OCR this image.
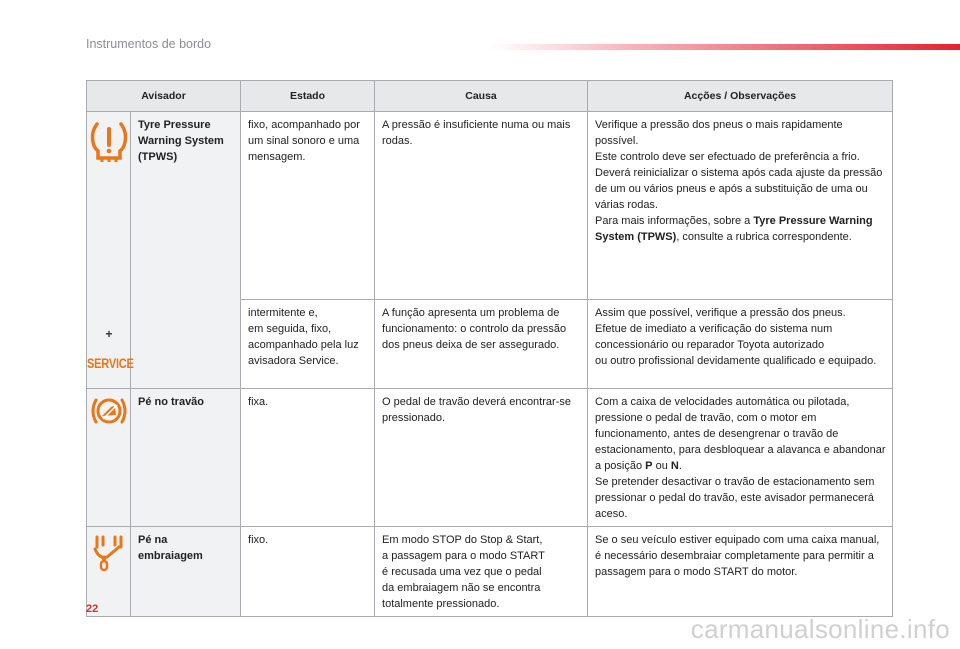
Instrumentos de bordo
Avisador		Estado	Causa	Acções / Observações

+
SERVICE	Tyre Pressure Warning System (TPWS)	fixo, acompanhado por um sinal sonoro e uma mensagem.	A pressão é insuficiente numa ou mais rodas.	Verifique a pressão dos pneus o mais rapidamente possível.
Este controlo deve ser efectuado de preferência a frio.
Deverá reinicializar o sistema após cada ajuste da pressão de um ou vários pneus e após a substituição de uma ou várias rodas.
Para mais informações, sobre a Tyre Pressure Warning System (TPWS), consulte a rubrica correspondente.
		intermitente e,
em seguida, fixo, acompanhado pela luz avisadora Service.	A função apresenta um problema de funcionamento: o controlo da pressão dos pneus deixa de ser assegurado.	Assim que possível, verifique a pressão dos pneus.
Efetue de imediato a verificação do sistema num concessionário ou reparador Toyota autorizado
ou outro profissional devidamente qualificado e equipado.

	Pé no travão	fixa.	O pedal de travão deverá encontrar-se pressionado.	Com a caixa de velocidades automática ou pilotada, pressione o pedal de travão, com o motor em funcionamento, antes de desengrenar o travão de estacionamento, para desbloquear a alavanca e abandonar a posição P ou N.
Se pretender desactivar o travão de estacionamento sem pressionar o pedal do travão, este avisador permanecerá aceso.

	Pé na embraiagem	fixo.	Em modo STOP do Stop & Start,
a passagem para o modo START
é recusada uma vez que o pedal
da embraiagem não se encontra
totalmente pressionado.	Se o seu veículo estiver equipado com uma caixa manual, é necessário desembraiar completamente para permitir a passagem para o modo START do motor.
22
carmanualsonline.info
